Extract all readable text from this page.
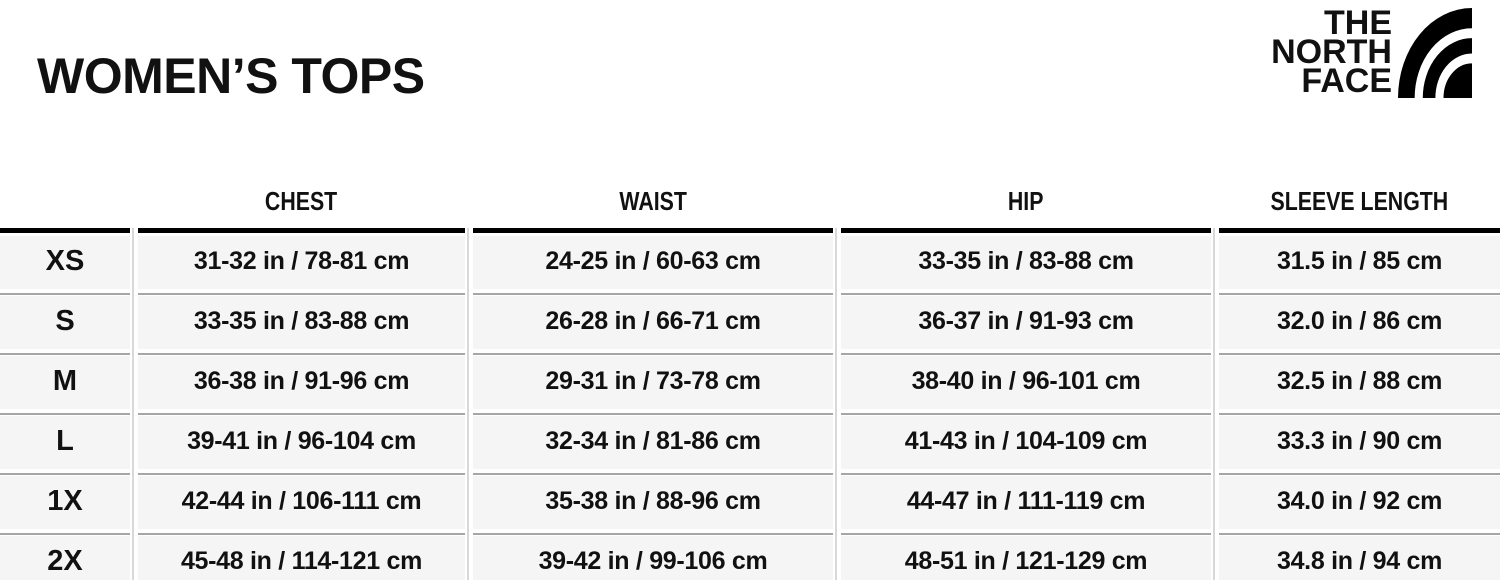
WOMEN’S TOPS
THE
NORTH
FACE
CHEST	WAIST	HIP	SLEEVE LENGTH
XS	31-32 in / 78-81 cm	24-25 in / 60-63 cm	33-35 in / 83-88 cm	31.5 in / 85 cm
S	33-35 in / 83-88 cm	26-28 in / 66-71 cm	36-37 in / 91-93 cm	32.0 in / 86 cm
M	36-38 in / 91-96 cm	29-31 in / 73-78 cm	38-40 in / 96-101 cm	32.5 in / 88 cm
L	39-41 in / 96-104 cm	32-34 in / 81-86 cm	41-43 in / 104-109 cm	33.3 in / 90 cm
1X	42-44 in / 106-111 cm	35-38 in / 88-96 cm	44-47 in / 111-119 cm	34.0 in / 92 cm
2X	45-48 in / 114-121 cm	39-42 in / 99-106 cm	48-51 in / 121-129 cm	34.8 in / 94 cm
